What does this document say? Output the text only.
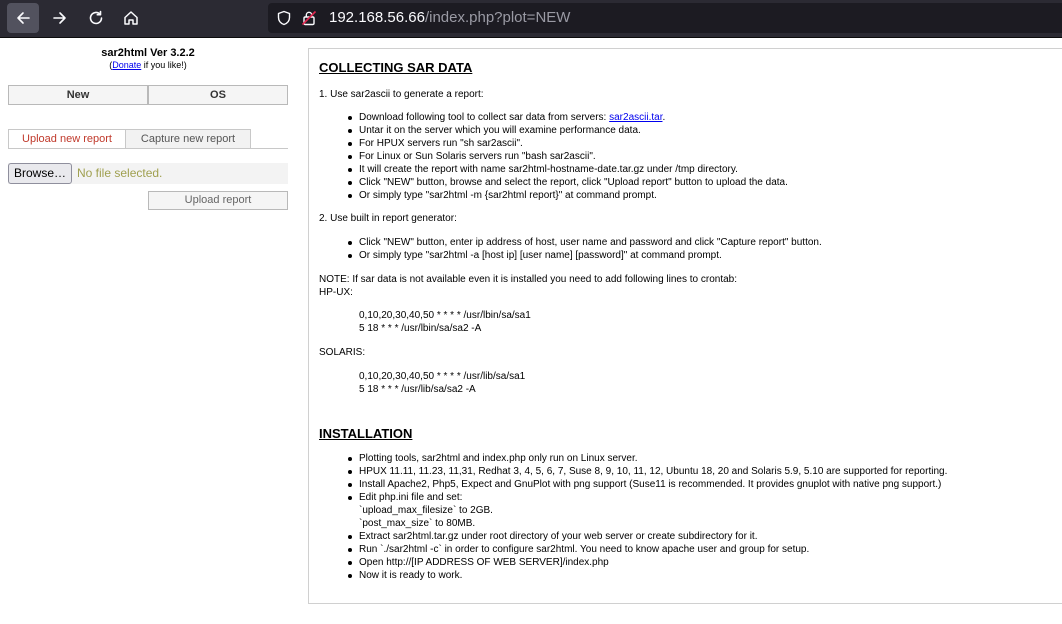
192.168.56.66/index.php?plot=NEW
sar2html Ver 3.2.2
(Donate if you like!)
New	OS
Upload new report	Capture new report
Browse… No file selected.
Upload report
COLLECTING SAR DATA
1. Use sar2ascii to generate a report:
Download following tool to collect sar data from servers: sar2ascii.tar.
Untar it on the server which you will examine performance data.
For HPUX servers run "sh sar2ascii".
For Linux or Sun Solaris servers run "bash sar2ascii".
It will create the report with name sar2html-hostname-date.tar.gz under /tmp directory.
Click "NEW" button, browse and select the report, click "Upload report" button to upload the data.
Or simply type "sar2html -m {sar2html report}" at command prompt.
2. Use built in report generator:
Click "NEW" button, enter ip address of host, user name and password and click "Capture report" button.
Or simply type "sar2html -a [host ip] [user name] [password]" at command prompt.
NOTE: If sar data is not available even it is installed you need to add following lines to crontab:
HP-UX:
0,10,20,30,40,50 * * * * /usr/lbin/sa/sa1
5 18 * * * /usr/lbin/sa/sa2 -A
SOLARIS:
0,10,20,30,40,50 * * * * /usr/lib/sa/sa1
5 18 * * * /usr/lib/sa/sa2 -A
INSTALLATION
Plotting tools, sar2html and index.php only run on Linux server.
HPUX 11.11, 11.23, 11,31, Redhat 3, 4, 5, 6, 7, Suse 8, 9, 10, 11, 12, Ubuntu 18, 20 and Solaris 5.9, 5.10 are supported for reporting.
Install Apache2, Php5, Expect and GnuPlot with png support (Suse11 is recommended. It provides gnuplot with native png support.)
Edit php.ini file and set:
`upload_max_filesize` to 2GB.
`post_max_size` to 80MB.
Extract sar2html.tar.gz under root directory of your web server or create subdirectory for it.
Run `./sar2html -c` in order to configure sar2html. You need to know apache user and group for setup.
Open http://[IP ADDRESS OF WEB SERVER]/index.php
Now it is ready to work.
